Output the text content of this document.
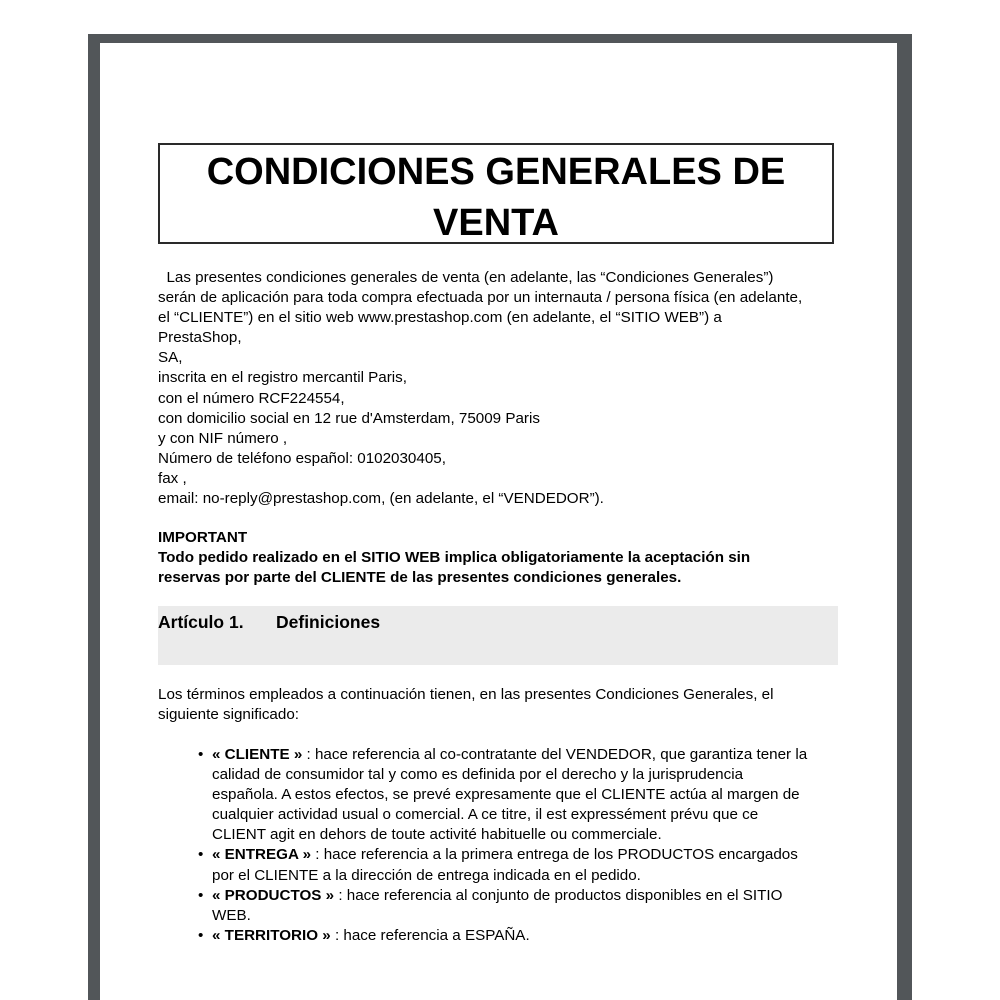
CONDICIONES GENERALES DE VENTA

Las presentes condiciones generales de venta (en adelante, las “Condiciones Generales”)

serán de aplicación para toda compra efectuada por un internauta / persona física (en adelante,

el “CLIENTE”) en el sitio web www.prestashop.com (en adelante, el “SITIO WEB”) a

PrestaShop,

SA,

inscrita en el registro mercantil Paris,

con el número RCF224554,

con domicilio social en 12 rue d'Amsterdam, 75009 Paris

y con NIF número ,

Número de teléfono español: 0102030405,

fax ,

email: no-reply@prestashop.com, (en adelante, el “VENDEDOR”).

IMPORTANT

Todo pedido realizado en el SITIO WEB implica obligatoriamente la aceptación sin

reservas por parte del CLIENTE de las presentes condiciones generales.

Artículo 1. Definiciones

Los términos empleados a continuación tienen, en las presentes Condiciones Generales, el

siguiente significado:

• « CLIENTE » : hace referencia al co-contratante del VENDEDOR, que garantiza tener la
calidad de consumidor tal y como es definida por el derecho y la jurisprudencia
española. A estos efectos, se prevé expresamente que el CLIENTE actúa al margen de
cualquier actividad usual o comercial. A ce titre, il est expressément prévu que ce
CLIENT agit en dehors de toute activité habituelle ou commerciale.
• « ENTREGA » : hace referencia a la primera entrega de los PRODUCTOS encargados
por el CLIENTE a la dirección de entrega indicada en el pedido.
• « PRODUCTOS » : hace referencia al conjunto de productos disponibles en el SITIO
WEB.
• « TERRITORIO » : hace referencia a ESPAÑA.
